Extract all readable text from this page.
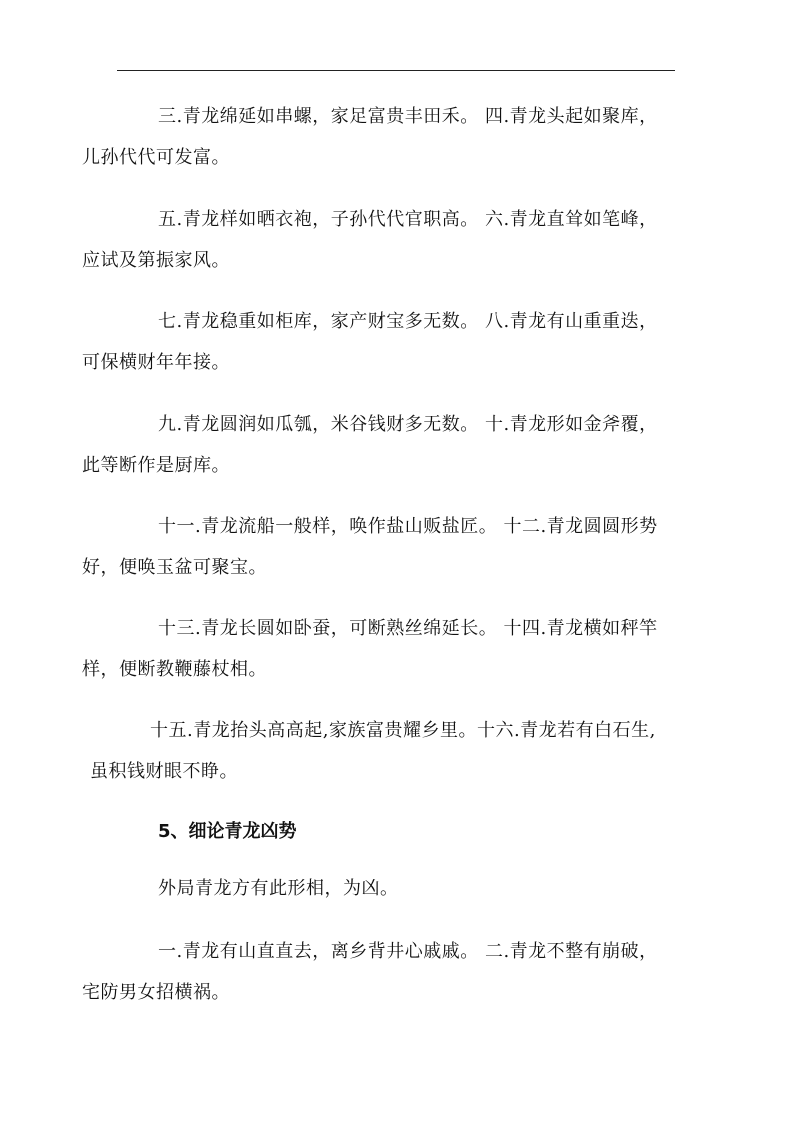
三.青龙绵延如串螺，家足富贵丰田禾。 四.青龙头起如聚库，
儿孙代代可发富。
五.青龙样如晒衣袍，子孙代代官职高。 六.青龙直耸如笔峰，
应试及第振家风。
七.青龙稳重如柜库，家产财宝多无数。 八.青龙有山重重迭，
可保横财年年接。
九.青龙圆润如瓜瓠，米谷钱财多无数。 十.青龙形如金斧覆，
此等断作是厨库。
十一.青龙流船一般样，唤作盐山贩盐匠。 十二.青龙圆圆形势
好，便唤玉盆可聚宝。
十三.青龙长圆如卧蚕，可断熟丝绵延长。 十四.青龙横如秤竿
样，便断教鞭藤杖相。
十五.青龙抬头高高起,家族富贵耀乡里。十六.青龙若有白石生,
虽积钱财眼不睁。
5、细论青龙凶势
外局青龙方有此形相，为凶。
一.青龙有山直直去，离乡背井心戚戚。 二.青龙不整有崩破，
宅防男女招横祸。
